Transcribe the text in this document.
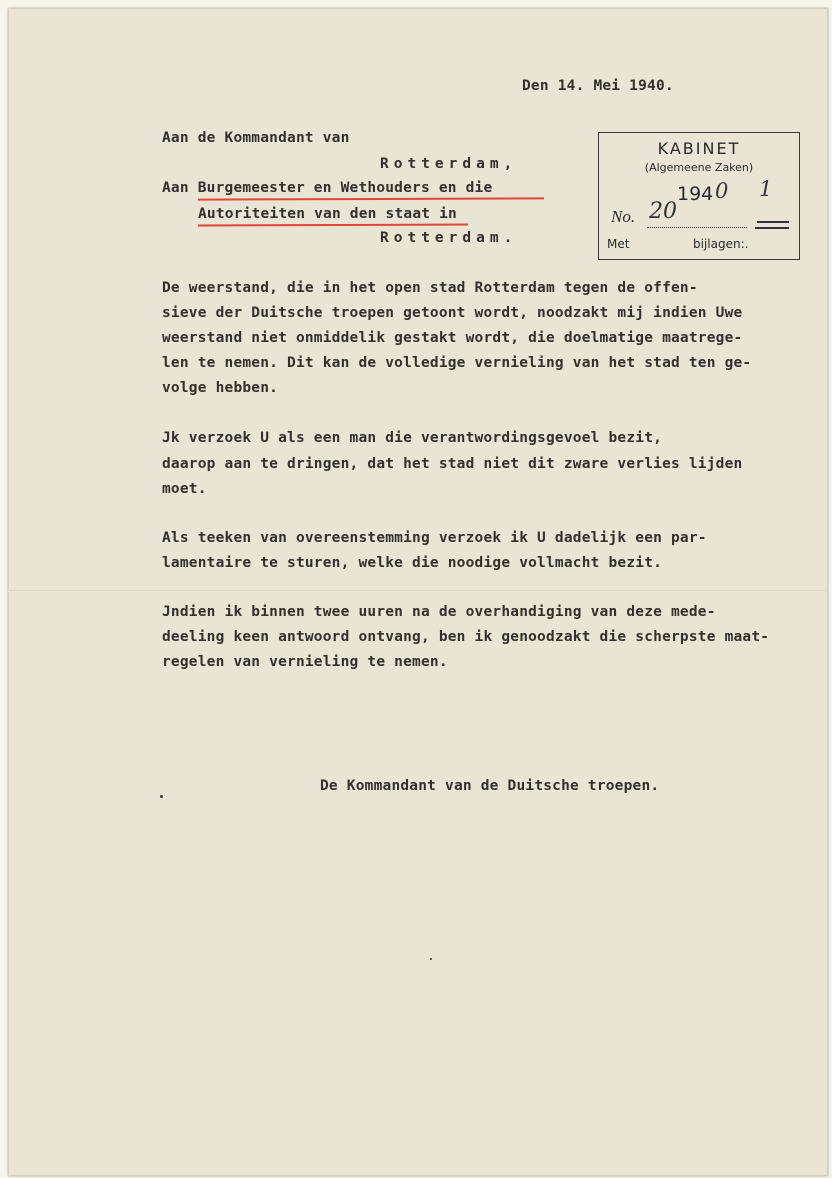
Den 14. Mei 1940.
Aan de Kommandant van
Rotterdam,
Aan Burgemeester en Wethouders en die
Autoriteiten van den staat in
Rotterdam.
KABINET
(Algemeene Zaken)
194 0 1
No. 20
Met	bijlagen:.
De weerstand, die in het open stad Rotterdam tegen de offen-
sieve der Duitsche troepen getoont wordt, noodzakt mij indien Uwe
weerstand niet onmiddelik gestakt wordt, die doelmatige maatrege-
len te nemen. Dit kan de volledige vernieling van het stad ten ge-
volge hebben.
Jk verzoek U als een man die verantwordingsgevoel bezit,
daarop aan te dringen, dat het stad niet dit zware verlies lijden
moet.
Als teeken van overeenstemming verzoek ik U dadelijk een par-
lamentaire te sturen, welke die noodige vollmacht bezit.
Jndien ik binnen twee uuren na de overhandiging van deze mede-
deeling keen antwoord ontvang, ben ik genoodzakt die scherpste maat-
regelen van vernieling te nemen.
De Kommandant van de Duitsche troepen.
